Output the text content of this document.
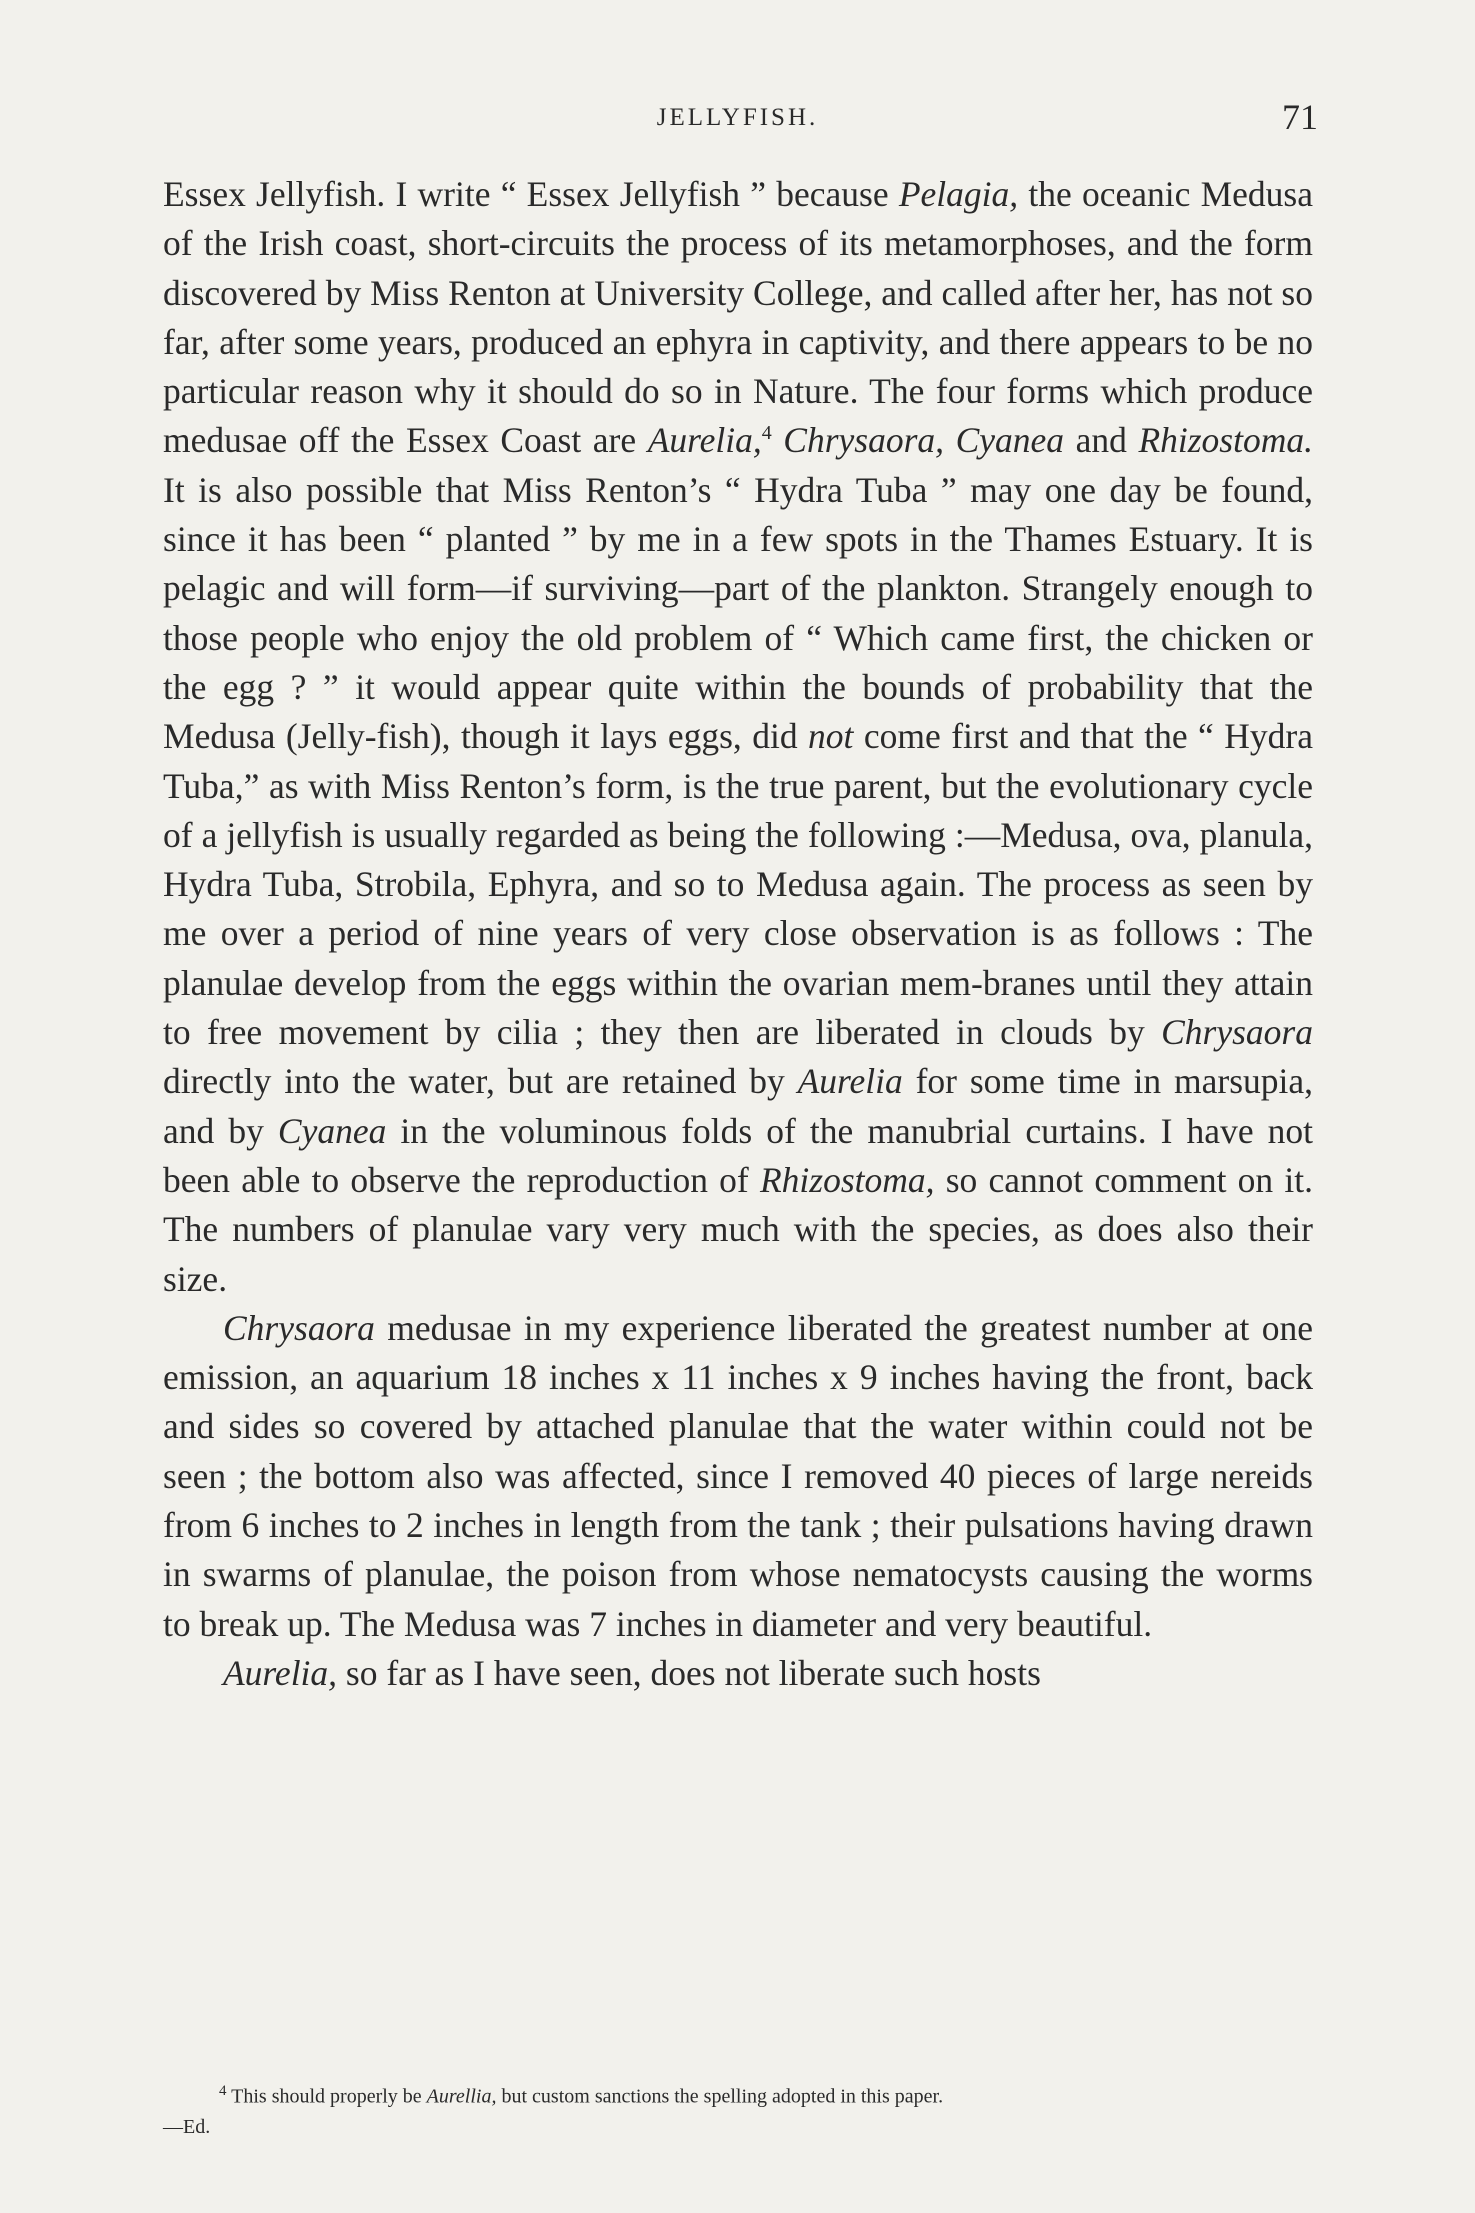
JELLYFISH.	71

Essex Jellyfish. I write “ Essex Jellyfish ” because Pelagia, the oceanic Medusa of the Irish coast, short-circuits the process of its metamorphoses, and the form discovered by Miss Renton at University College, and called after her, has not so far, after some years, produced an ephyra in captivity, and there appears to be no particular reason why it should do so in Nature. The four forms which produce medusae off the Essex Coast are Aurelia,$^4$ Chrysaora, Cyanea and Rhizostoma. It is also possible that Miss Renton’s “ Hydra Tuba ” may one day be found, since it has been “ planted ” by me in a few spots in the Thames Estuary. It is pelagic and will form—if surviving—part of the plankton. Strangely enough to those people who enjoy the old problem of “ Which came first, the chicken or the egg ? ” it would appear quite within the bounds of probability that the Medusa (Jelly-fish), though it lays eggs, did not come first and that the “ Hydra Tuba,” as with Miss Renton’s form, is the true parent, but the evolutionary cycle of a jellyfish is usually regarded as being the following :—Medusa, ova, planula, Hydra Tuba, Strobila, Ephyra, and so to Medusa again. The process as seen by me over a period of nine years of very close observation is as follows : The planulae develop from the eggs within the ovarian mem-branes until they attain to free movement by cilia ; they then are liberated in clouds by Chrysaora directly into the water, but are retained by Aurelia for some time in marsupia, and by Cyanea in the voluminous folds of the manubrial curtains. I have not been able to observe the reproduction of Rhizostoma, so cannot comment on it. The numbers of planulae vary very much with the species, as does also their size.

Chrysaora medusae in my experience liberated the greatest number at one emission, an aquarium 18 inches x 11 inches x 9 inches having the front, back and sides so covered by attached planulae that the water within could not be seen ; the bottom also was affected, since I removed 40 pieces of large nereids from 6 inches to 2 inches in length from the tank ; their pulsations having drawn in swarms of planulae, the poison from whose nematocysts causing the worms to break up. The Medusa was 7 inches in diameter and very beautiful.

Aurelia, so far as I have seen, does not liberate such hosts

$^4$ This should properly be Aurellia, but custom sanctions the spelling adopted in this paper.
—Ed.
